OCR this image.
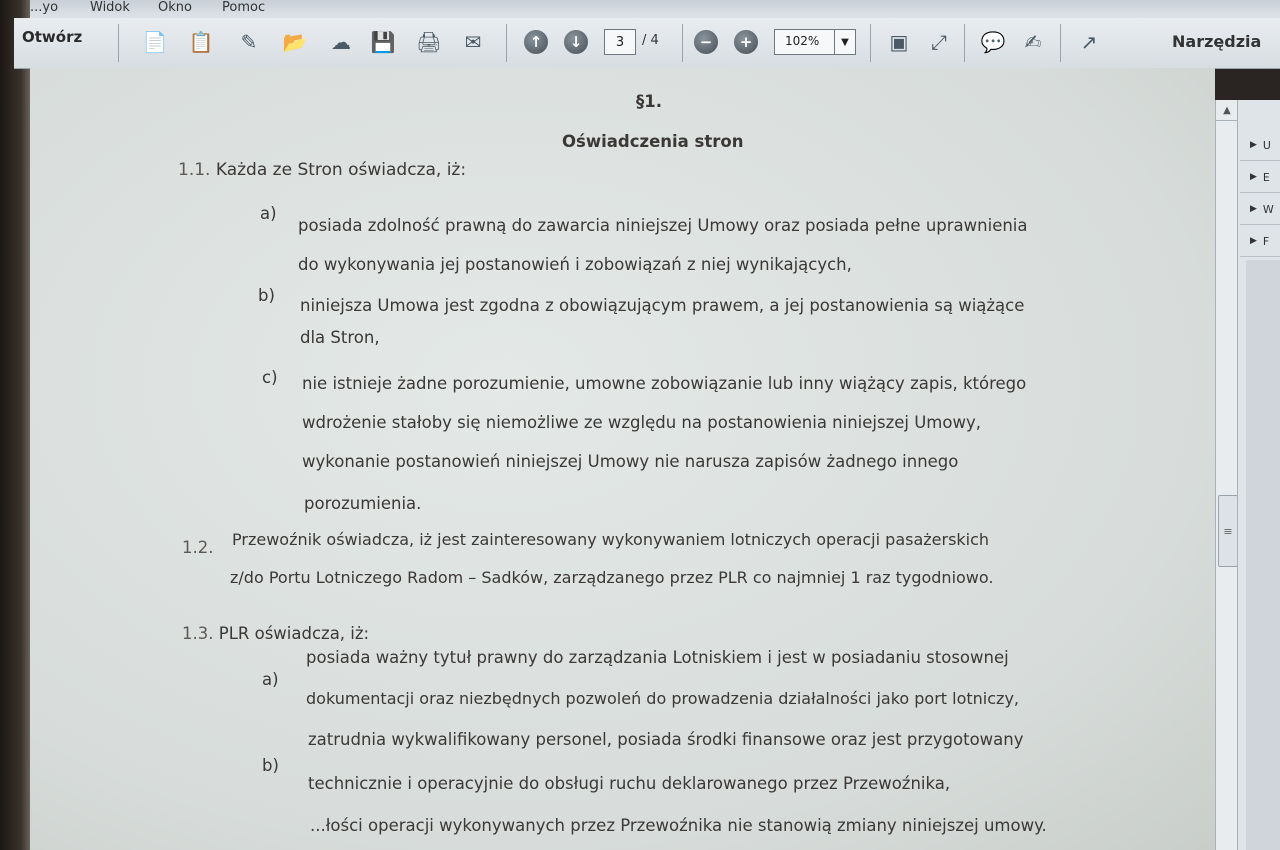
...yo Widok Okno Pomoc
Otwórz	📄 📋 ✎ 📂 ☁ 💾 🖨 ✉	↑	↓	3	/ 4	−	+	102%	▼	▣ ⤢ 💬 ✍ ↗	Narzędzia
§1.
Oświadczenia stron
1.1. Każda ze Stron oświadcza, iż:
a)
posiada zdolność prawną do zawarcia niniejszej Umowy oraz posiada pełne uprawnienia
do wykonywania jej postanowień i zobowiązań z niej wynikających,
b)
niniejsza Umowa jest zgodna z obowiązującym prawem, a jej postanowienia są wiążące
dla Stron,
c) nie istnieje żadne porozumienie, umowne zobowiązanie lub inny wiążący zapis, którego
wdrożenie stałoby się niemożliwe ze względu na postanowienia niniejszej Umowy,
wykonanie postanowień niniejszej Umowy nie narusza zapisów żadnego innego
porozumienia.
1.2. Przewoźnik oświadcza, iż jest zainteresowany wykonywaniem lotniczych operacji pasażerskich
z/do Portu Lotniczego Radom – Sadków, zarządzanego przez PLR co najmniej 1 raz tygodniowo.
1.3. PLR oświadcza, iż:
a)
posiada ważny tytuł prawny do zarządzania Lotniskiem i jest w posiadaniu stosownej
dokumentacji oraz niezbędnych pozwoleń do prowadzenia działalności jako port lotniczy,
b)
zatrudnia wykwalifikowany personel, posiada środki finansowe oraz jest przygotowany
technicznie i operacyjnie do obsługi ruchu deklarowanego przez Przewoźnika,
...łości operacji wykonywanych przez Przewoźnika nie stanowią zmiany niniejszej umowy.
▲
≡
▶ U
▶ E
▶ W
▶ F
